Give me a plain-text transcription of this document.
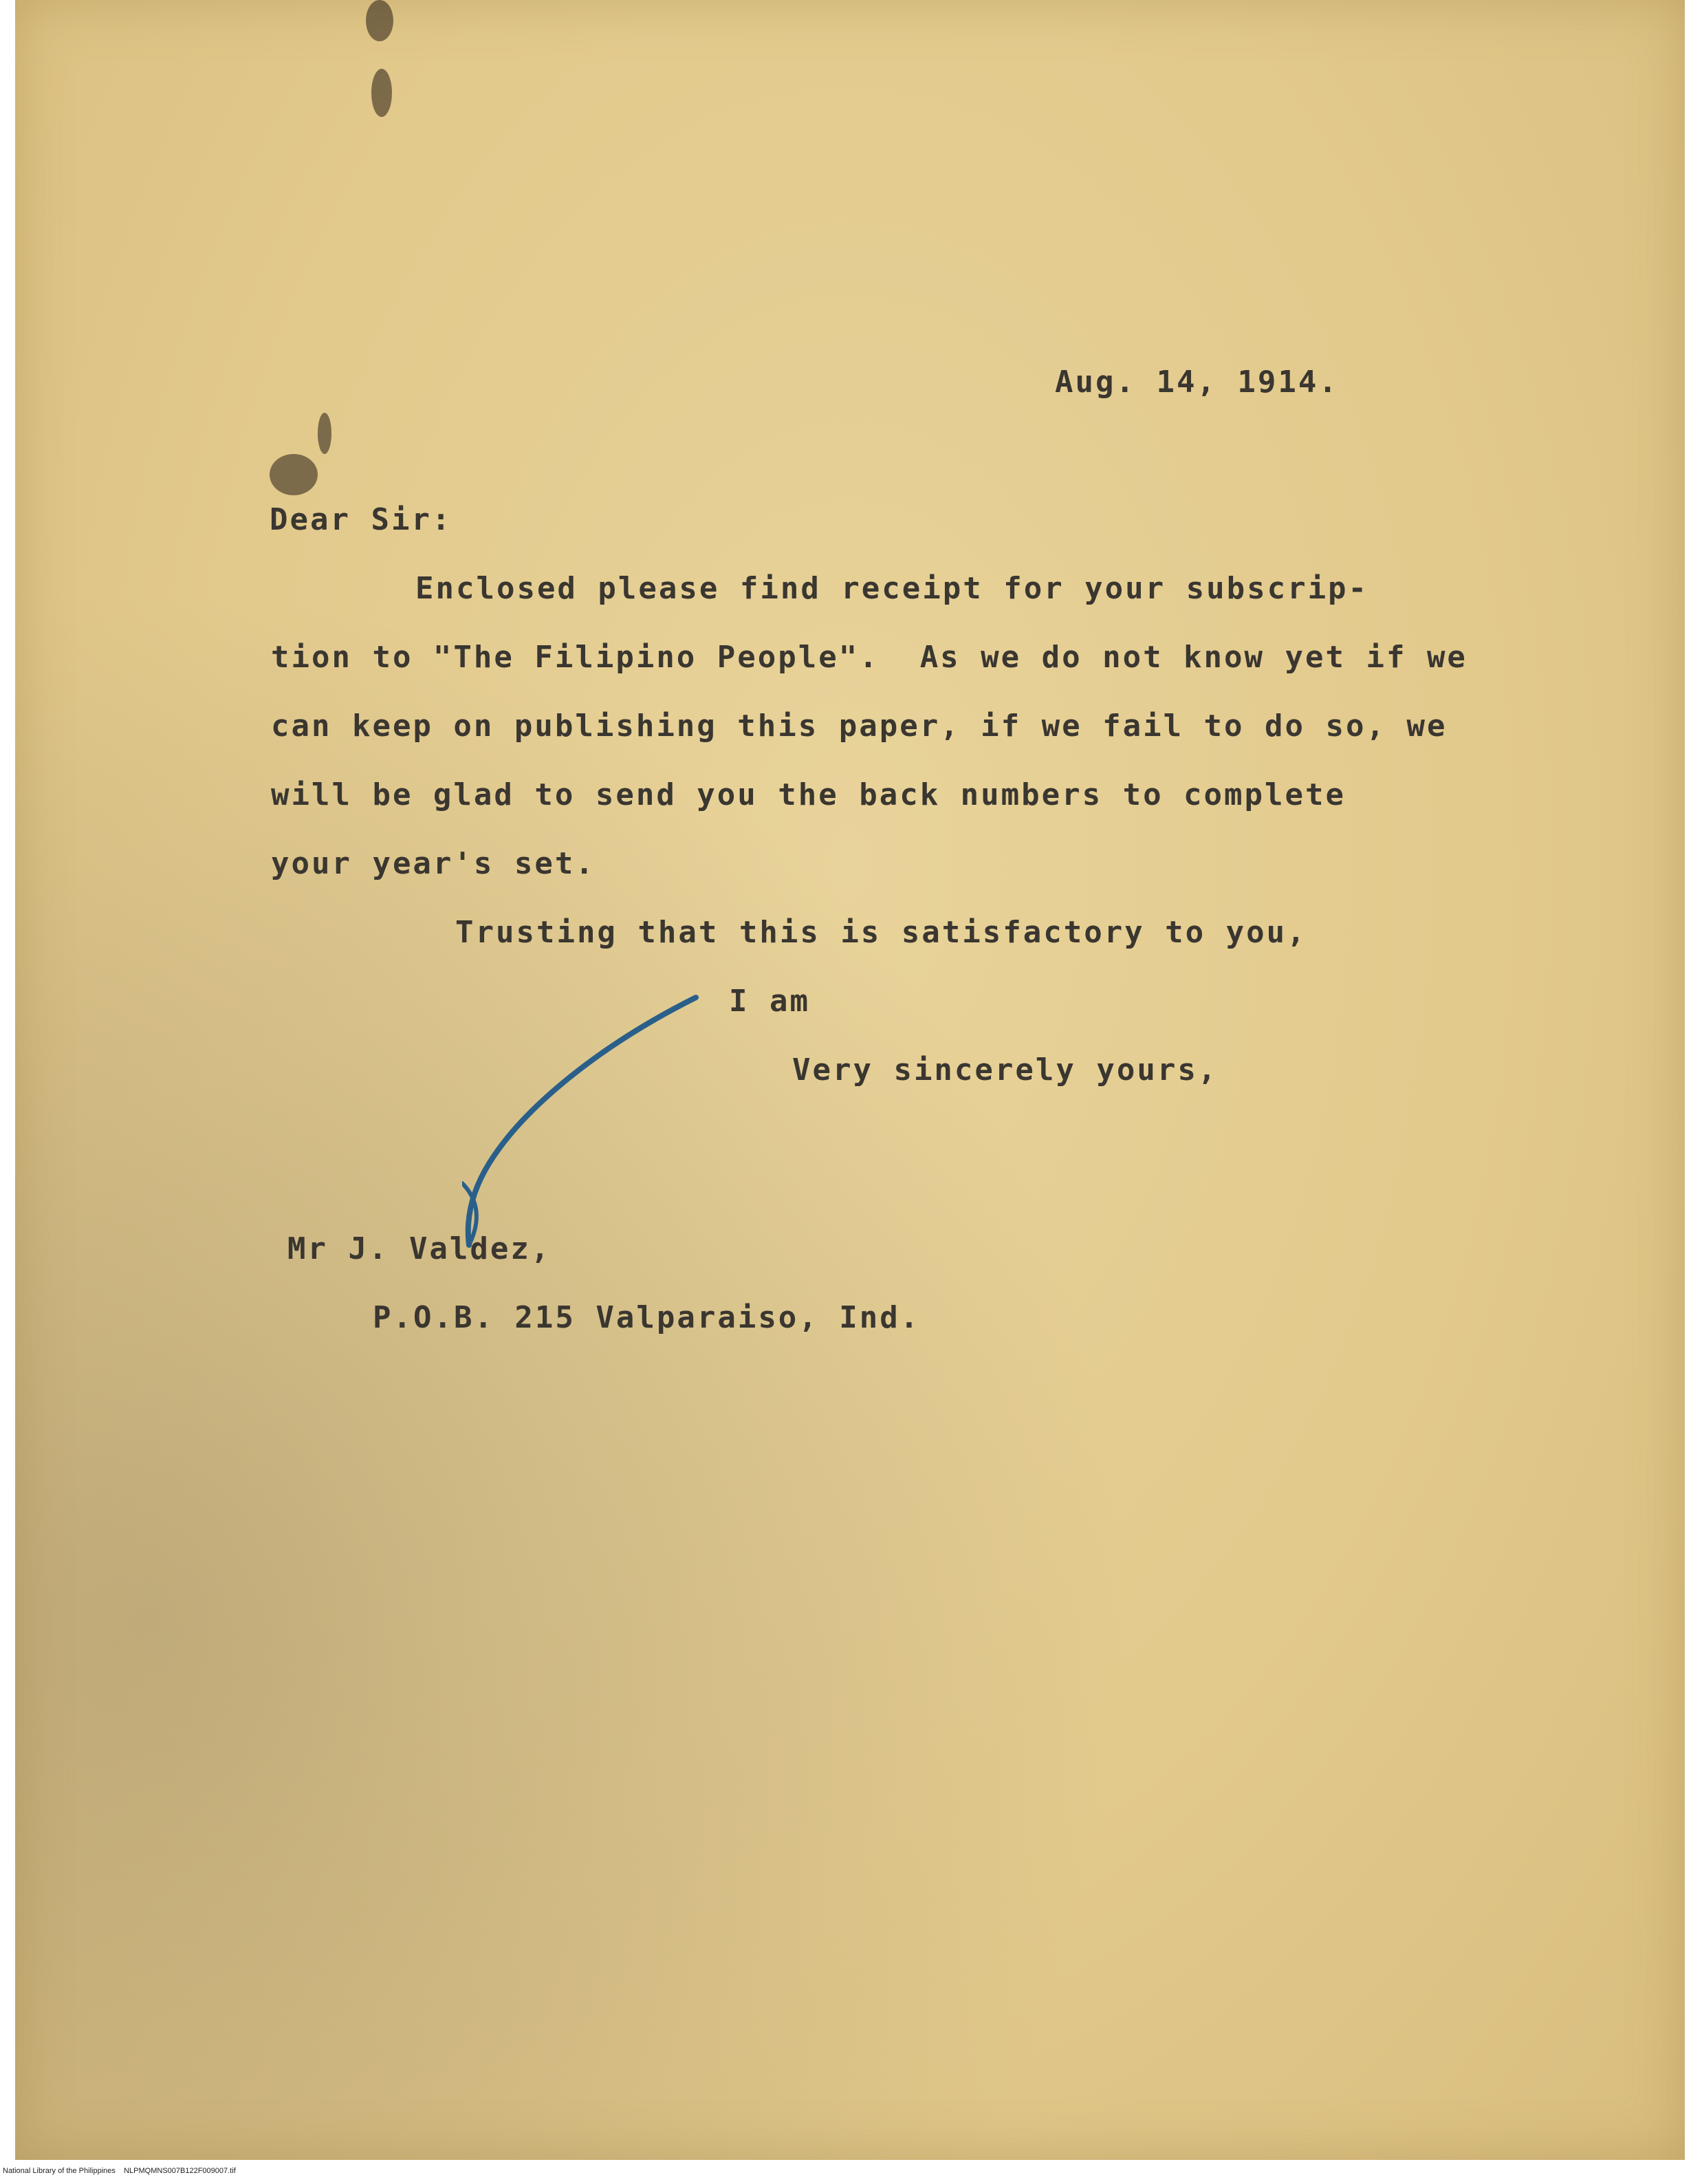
Aug. 14, 1914.
Dear Sir:
Enclosed please find receipt for your subscrip-
tion to "The Filipino People".  As we do not know yet if we
can keep on publishing this paper, if we fail to do so, we
will be glad to send you the back numbers to complete
your year's set.
Trusting that this is satisfactory to you,
I am
Very sincerely yours,
Mr J. Valdez,
P.O.B. 215 Valparaiso, Ind.
National Library of the Philippines NLPMQMNS007B122F009007.tif
